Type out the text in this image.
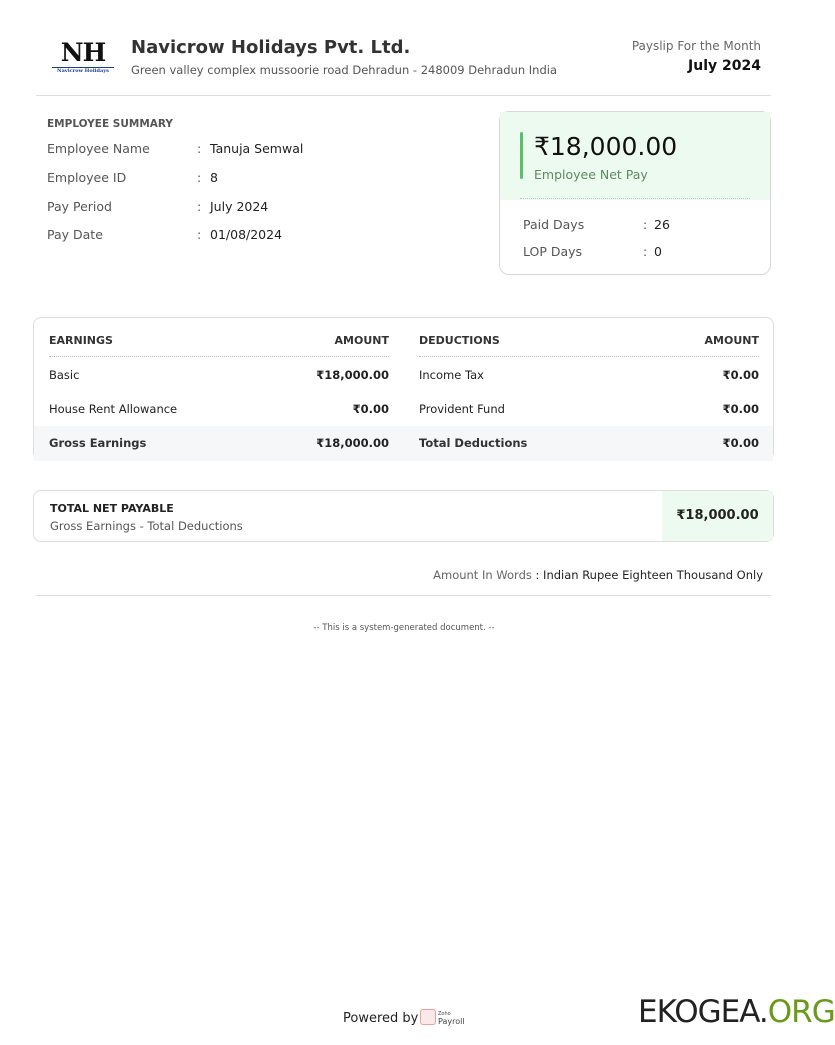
NH
Navicrow Holidays
Navicrow Holidays Pvt. Ltd.
Green valley complex mussoorie road Dehradun - 248009 Dehradun India
Payslip For the Month
July 2024
EMPLOYEE SUMMARY
Employee Name	: Tanuja Semwal
Employee ID	: 8
Pay Period	: July 2024
Pay Date	: 01/08/2024
₹18,000.00
Employee Net Pay
Paid Days	: 26
LOP Days	: 0
EARNINGS	AMOUNT
Basic	₹18,000.00
House Rent Allowance	₹0.00
Gross Earnings	₹18,000.00
DEDUCTIONS	AMOUNT
Income Tax	₹0.00
Provident Fund	₹0.00
Total Deductions	₹0.00
TOTAL NET PAYABLE
Gross Earnings - Total Deductions
₹18,000.00
Amount In Words : Indian Rupee Eighteen Thousand Only
-- This is a system-generated document. --
Powered by	Zoho
Payroll	EKOGEA.ORG
